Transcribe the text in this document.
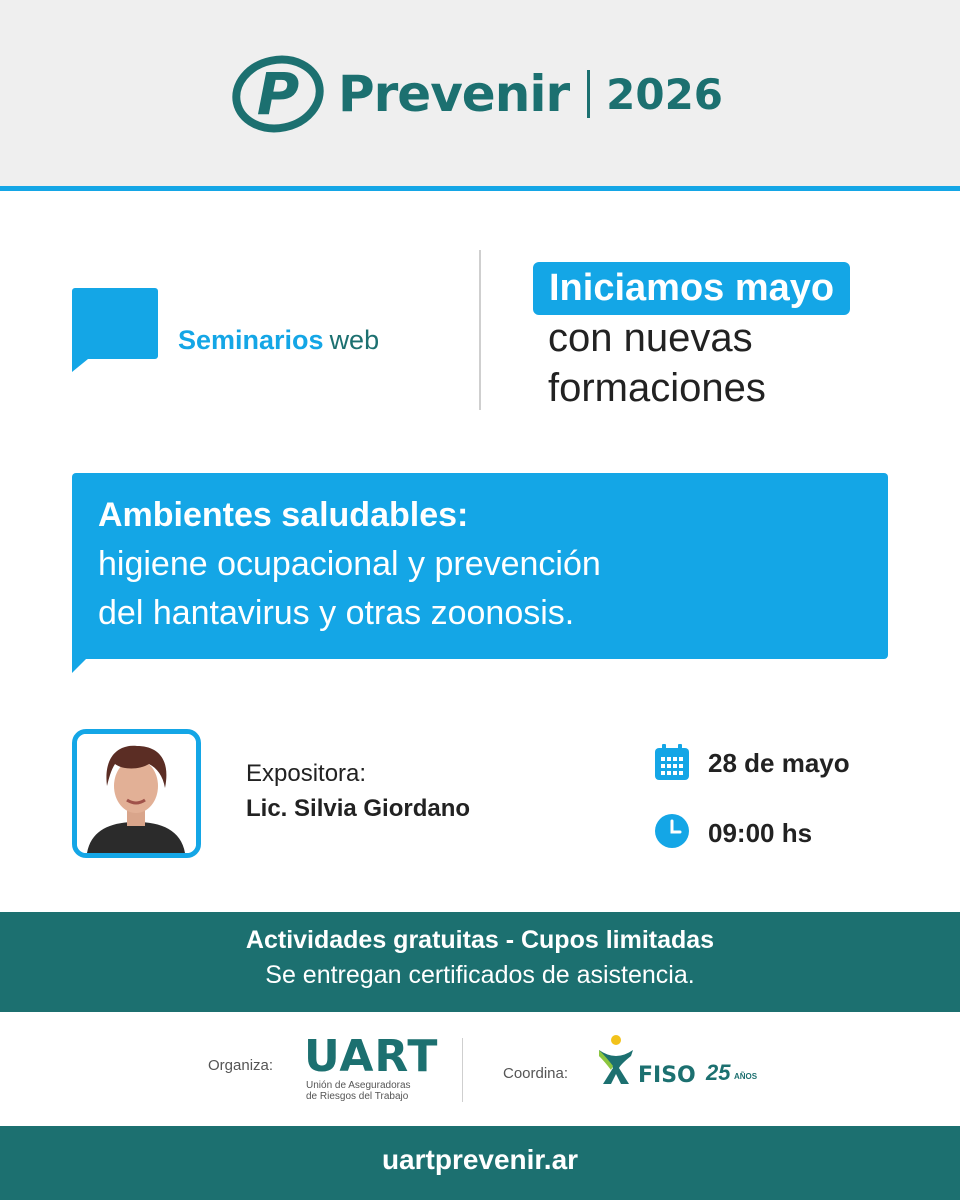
P Prevenir 2026
Seminarios web
Iniciamos mayo
con nuevas
formaciones
Ambientes saludables:
higiene ocupacional y prevención
del hantavirus y otras zoonosis.
Expositora:
Lic. Silvia Giordano
28 de mayo
09:00 hs
Actividades gratuitas - Cupos limitadas
Se entregan certificados de asistencia.
Organiza: UART
Unión de Aseguradoras
de Riesgos del Trabajo
Coordina:	FISO 25 AÑOS
uartprevenir.ar
